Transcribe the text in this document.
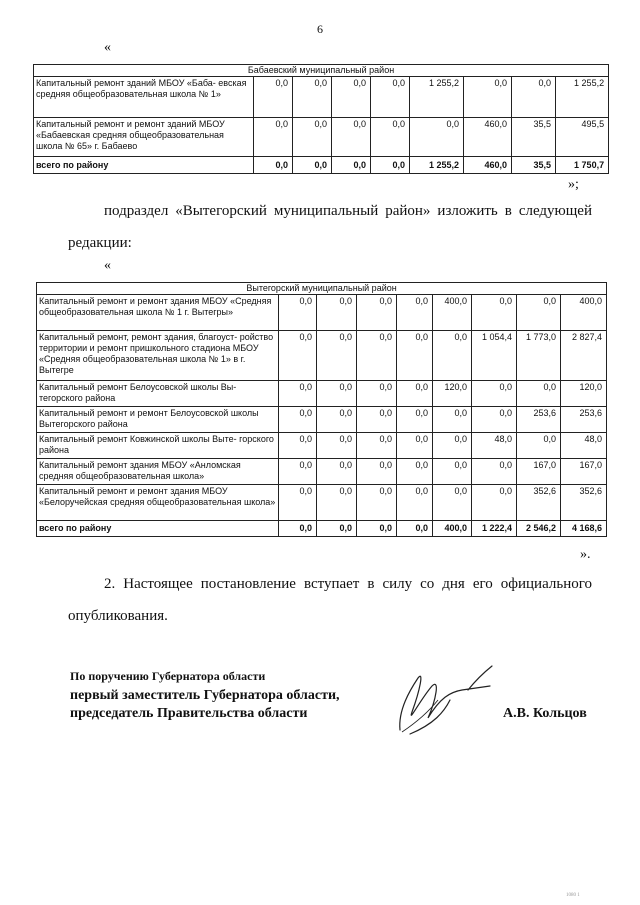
6
«
Бабаевский муниципальный район								
Капитальный ремонт зданий МБОУ «Баба- евская средняя общеобразовательная школа № 1»	0,0	0,0	0,0	0,0	1 255,2	0,0	0,0	1 255,2
Капитальный ремонт и ремонт зданий МБОУ «Бабаевская средняя общеобразовательная школа № 65» г. Бабаево	0,0	0,0	0,0	0,0	0,0	460,0	35,5	495,5
всего по району	0,0	0,0	0,0	0,0	1 255,2	460,0	35,5	1 750,7
»;
подраздел «Вытегорский муниципальный район» изложить в следующей редакции:
«
Вытегорский муниципальный район								
Капитальный ремонт и ремонт здания МБОУ «Средняя общеобразовательная школа № 1 г. Вытегры»	0,0	0,0	0,0	0,0	400,0	0,0	0,0	400,0
Капитальный ремонт, ремонт здания, благоуст- ройство территории и ремонт пришкольного стадиона МБОУ «Средняя общеобразовательная школа № 1» в г. Вытегре	0,0	0,0	0,0	0,0	0,0	1 054,4	1 773,0	2 827,4
Капитальный ремонт Белоусовской школы Вы- тегорского района	0,0	0,0	0,0	0,0	120,0	0,0	0,0	120,0
Капитальный ремонт и ремонт Белоусовской школы Вытегорского района	0,0	0,0	0,0	0,0	0,0	0,0	253,6	253,6
Капитальный ремонт Ковжинской школы Выте- горского района	0,0	0,0	0,0	0,0	0,0	48,0	0,0	48,0
Капитальный ремонт здания МБОУ «Анломская средняя общеобразовательная школа»	0,0	0,0	0,0	0,0	0,0	0,0	167,0	167,0
Капитальный ремонт и ремонт здания МБОУ «Белоручейская средняя общеобразовательная школа»	0,0	0,0	0,0	0,0	0,0	0,0	352,6	352,6
всего по району	0,0	0,0	0,0	0,0	400,0	1 222,4	2 546,2	4 168,6
».
2. Настоящее постановление вступает в силу со дня его официального опубликования.
По поручению Губернатора области
первый заместитель Губернатора области,
председатель Правительства области	А.В. Кольцов
1080 1
